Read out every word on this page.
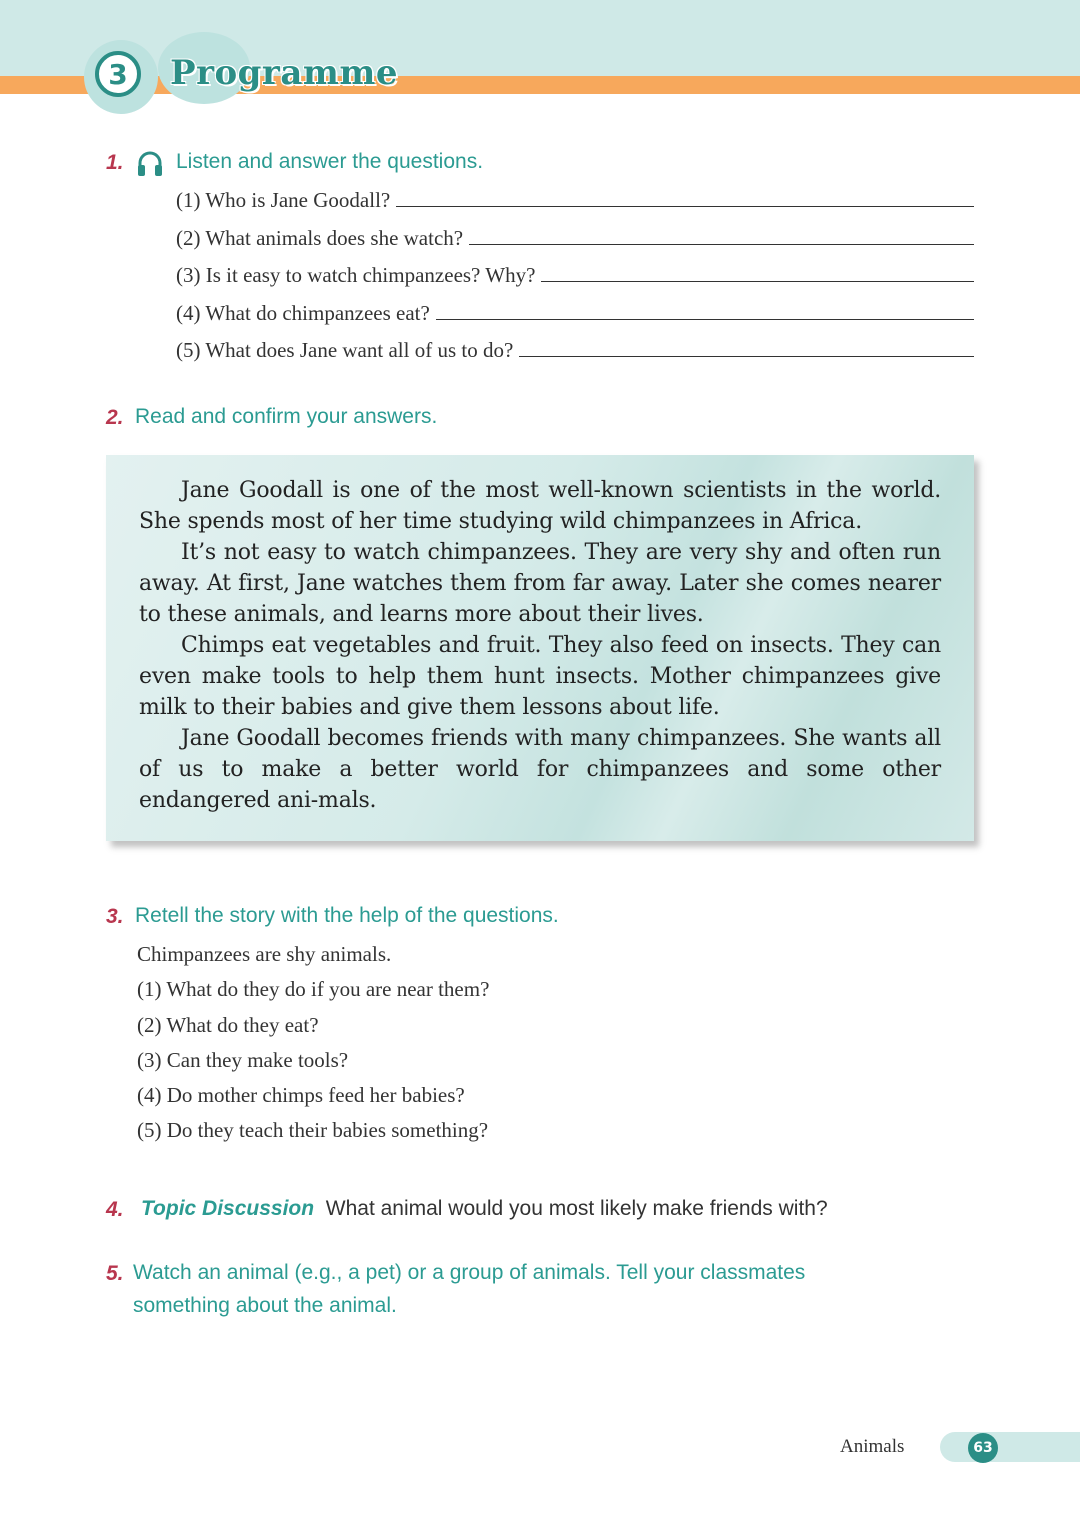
3	Programme
1. Listen and answer the questions.
(1) Who is Jane Goodall?
(2) What animals does she watch?
(3) Is it easy to watch chimpanzees? Why?
(4) What do chimpanzees eat?
(5) What does Jane want all of us to do?
2. Read and confirm your answers.

Jane Goodall is one of the most well-known scientists in the world. She spends most of her time studying wild chimpanzees in Africa.

It’s not easy to watch chimpanzees. They are very shy and often run away. At first, Jane watches them from far away. Later she comes nearer to these animals, and learns more about their lives.

Chimps eat vegetables and fruit. They also feed on insects. They can even make tools to help them hunt insects. Mother chimpanzees give milk to their babies and give them lessons about life.

Jane Goodall becomes friends with many chimpanzees. She wants all of us to make a better world for chimpanzees and some other endangered ani-mals.

3. Retell the story with the help of the questions.
Chimpanzees are shy animals.
(1) What do they do if you are near them?
(2) What do they eat?
(3) Can they make tools?
(4) Do mother chimps feed her babies?
(5) Do they teach their babies something?
4. Topic Discussion What animal would you most likely make friends with?
5. Watch an animal (e.g., a pet) or a group of animals. Tell your classmates
something about the animal.
Animals	63
